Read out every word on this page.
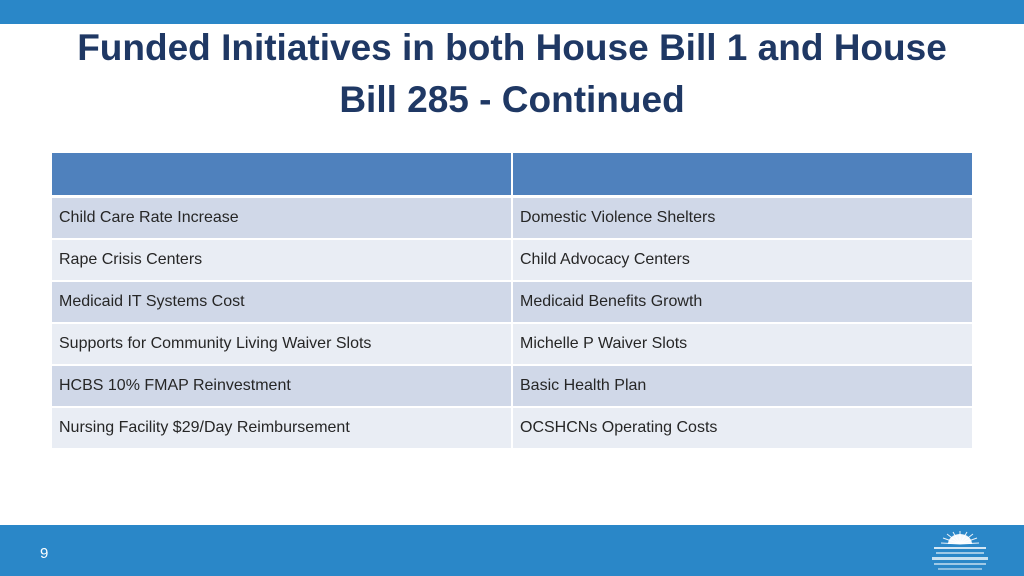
Funded Initiatives in both House Bill 1 and House Bill 285 - Continued

Child Care Rate Increase	Domestic Violence Shelters
Rape Crisis Centers	Child Advocacy Centers
Medicaid IT Systems Cost	Medicaid Benefits Growth
Supports for Community Living Waiver Slots	Michelle P Waiver Slots
HCBS 10% FMAP Reinvestment	Basic Health Plan
Nursing Facility $29/Day Reimbursement	OCSHCNs Operating Costs
9
